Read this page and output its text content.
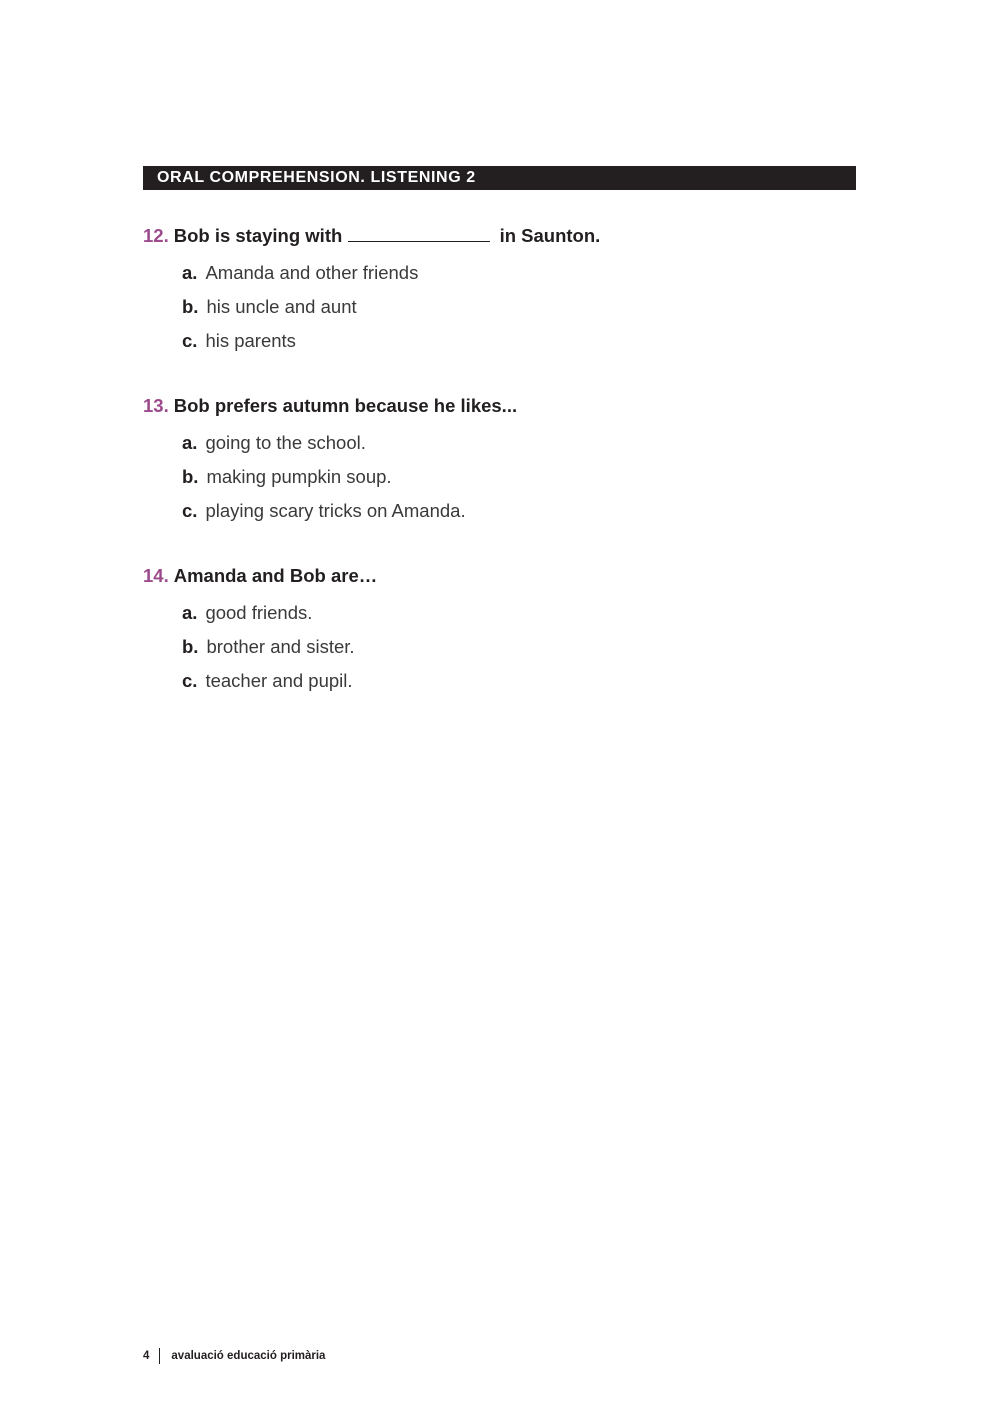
ORAL COMPREHENSION. LISTENING 2
12. Bob is staying with	in Saunton.
a. Amanda and other friends
b. his uncle and aunt
c. his parents
13. Bob prefers autumn because he likes...
a. going to the school.
b. making pumpkin soup.
c. playing scary tricks on Amanda.
14. Amanda and Bob are…
a. good friends.
b. brother and sister.
c. teacher and pupil.
4 avaluació educació primària
